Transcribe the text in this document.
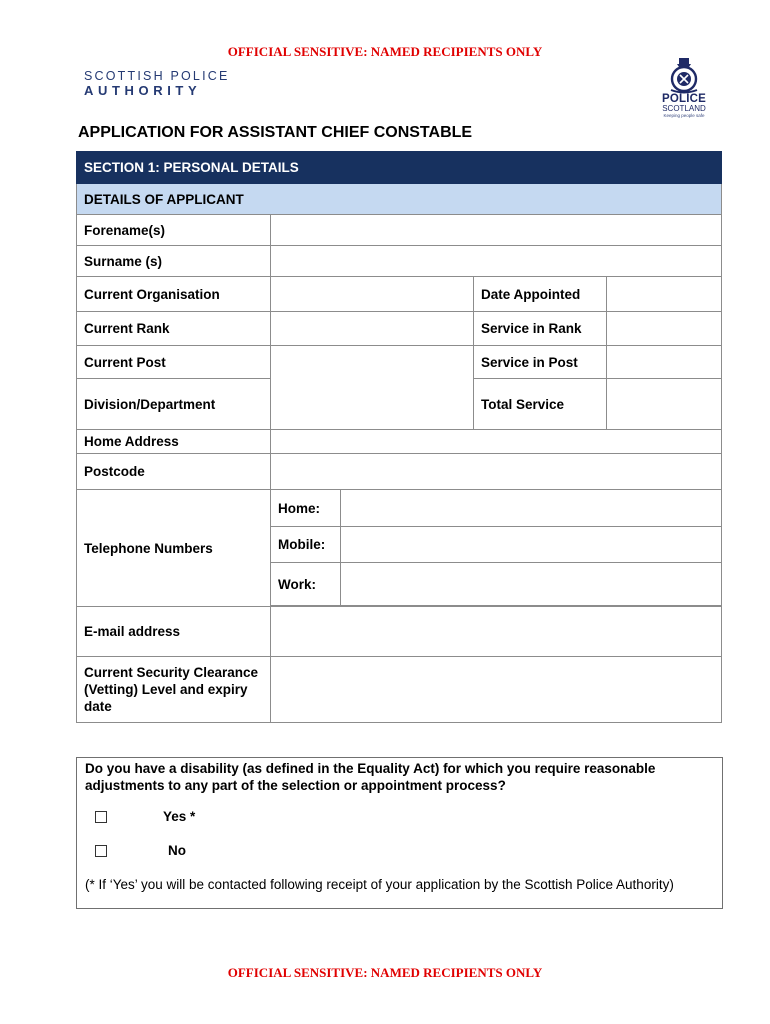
OFFICIAL SENSITIVE: NAMED RECIPIENTS ONLY
SCOTTISH POLICE
AUTHORITY
POLICE
SCOTLAND
Keeping people safe
APPLICATION FOR ASSISTANT CHIEF CONSTABLE
SECTION 1: PERSONAL DETAILS				
DETAILS OF APPLICANT				
Forename(s)				
Surname (s)				
Current Organisation			Date Appointed	
Current Rank			Service in Rank	
Current Post			Service in Post	
Division/Department			Total Service	
Home Address				
Postcode				
Telephone Numbers	Home:			
	Mobile:			
	Work:			

E-mail address				
Current Security Clearance (Vetting) Level and expiry date				
Do you have a disability (as defined in the Equality Act) for which you require reasonable adjustments to any part of the selection or appointment process?
Yes *
No
(* If ‘Yes’ you will be contacted following receipt of your application by the Scottish Police Authority)
OFFICIAL SENSITIVE: NAMED RECIPIENTS ONLY
